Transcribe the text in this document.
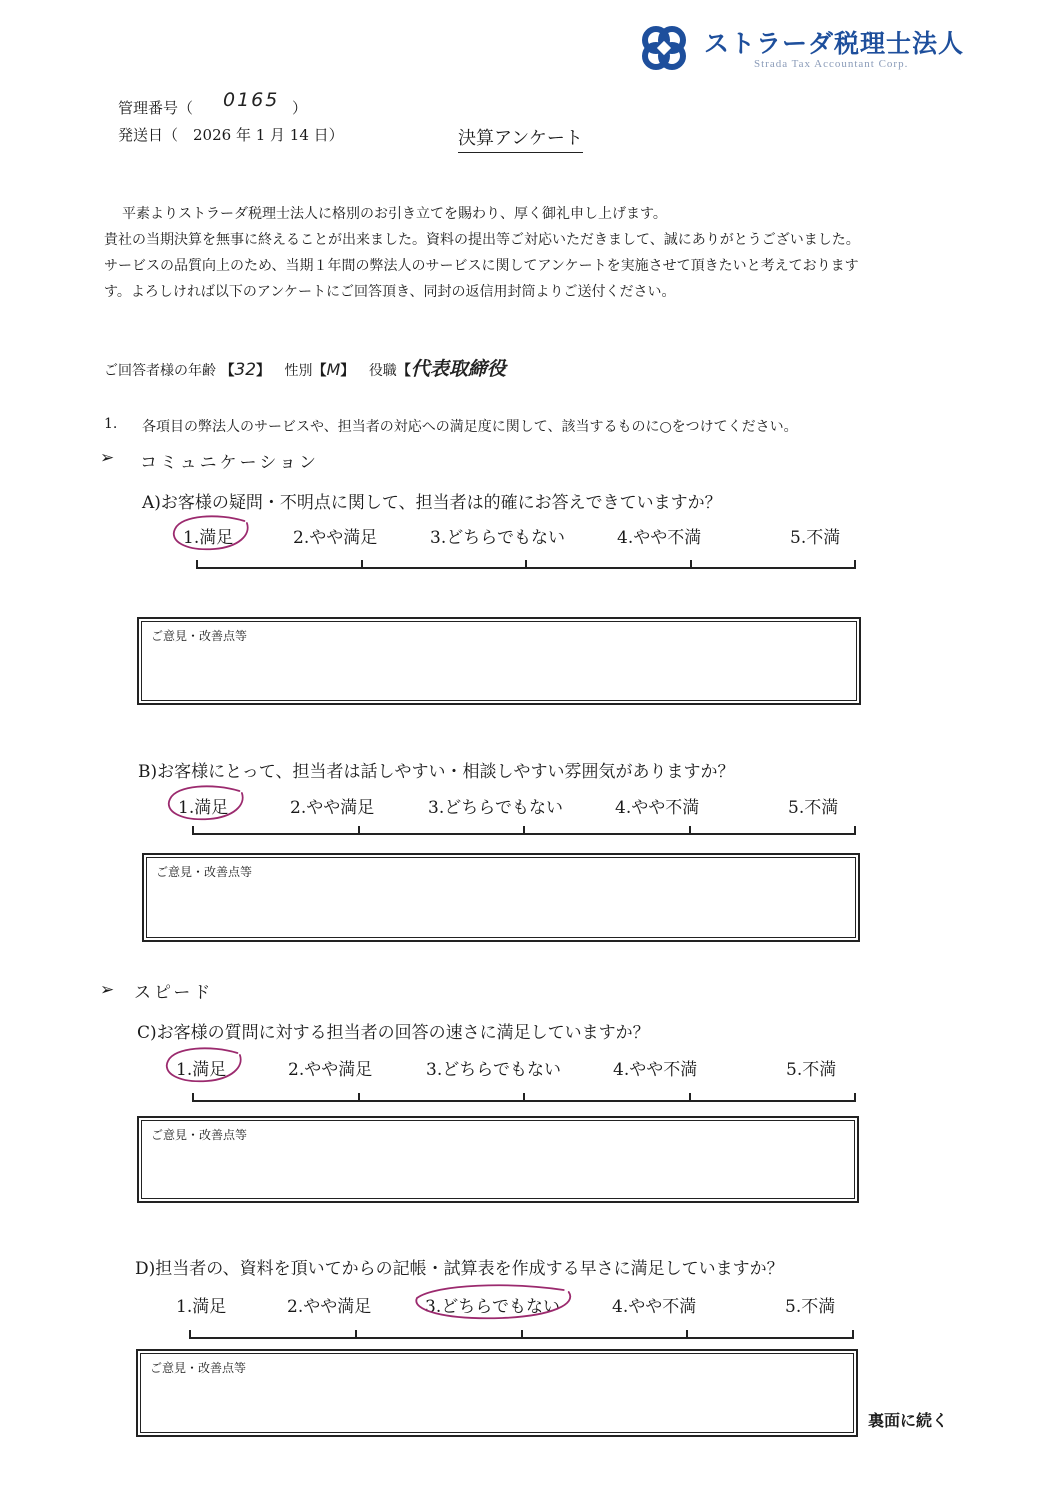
ストラーダ税理士法人
Strada Tax Accountant Corp.
管理番号（ 0165 ）
発送日（　2026 年 1 月 14 日）	決算アンケート
平素よりストラーダ税理士法人に格別のお引き立てを賜わり、厚く御礼申し上げます。
貴社の当期決算を無事に終えることが出来ました。資料の提出等ご対応いただきまして、誠にありがとうございました。
サービスの品質向上のため、当期１年間の弊法人のサービスに関してアンケートを実施させて頂きたいと考えております
す。よろしければ以下のアンケートにご回答頂き、同封の返信用封筒よりご送付ください。
ご回答者様の年齢 【32】 性別【M】 役職【代表取締役
1. 各項目の弊法人のサービスや、担当者の対応への満足度に関して、該当するものに○をつけてください。
➢ コミュニケーション
A)お客様の疑問・不明点に関して、担当者は的確にお答えできていますか？
1.満足	2.やや満足	3.どちらでもない	4.やや不満	5.不満
ご意見・改善点等
B)お客様にとって、担当者は話しやすい・相談しやすい雰囲気がありますか？
1.満足	2.やや満足	3.どちらでもない	4.やや不満	5.不満
ご意見・改善点等
➢ スピード
C)お客様の質問に対する担当者の回答の速さに満足していますか？
1.満足	2.やや満足	3.どちらでもない	4.やや不満	5.不満
ご意見・改善点等
D)担当者の、資料を頂いてからの記帳・試算表を作成する早さに満足していますか？
1.満足	2.やや満足	3.どちらでもない	4.やや不満	5.不満
ご意見・改善点等
裏面に続く
